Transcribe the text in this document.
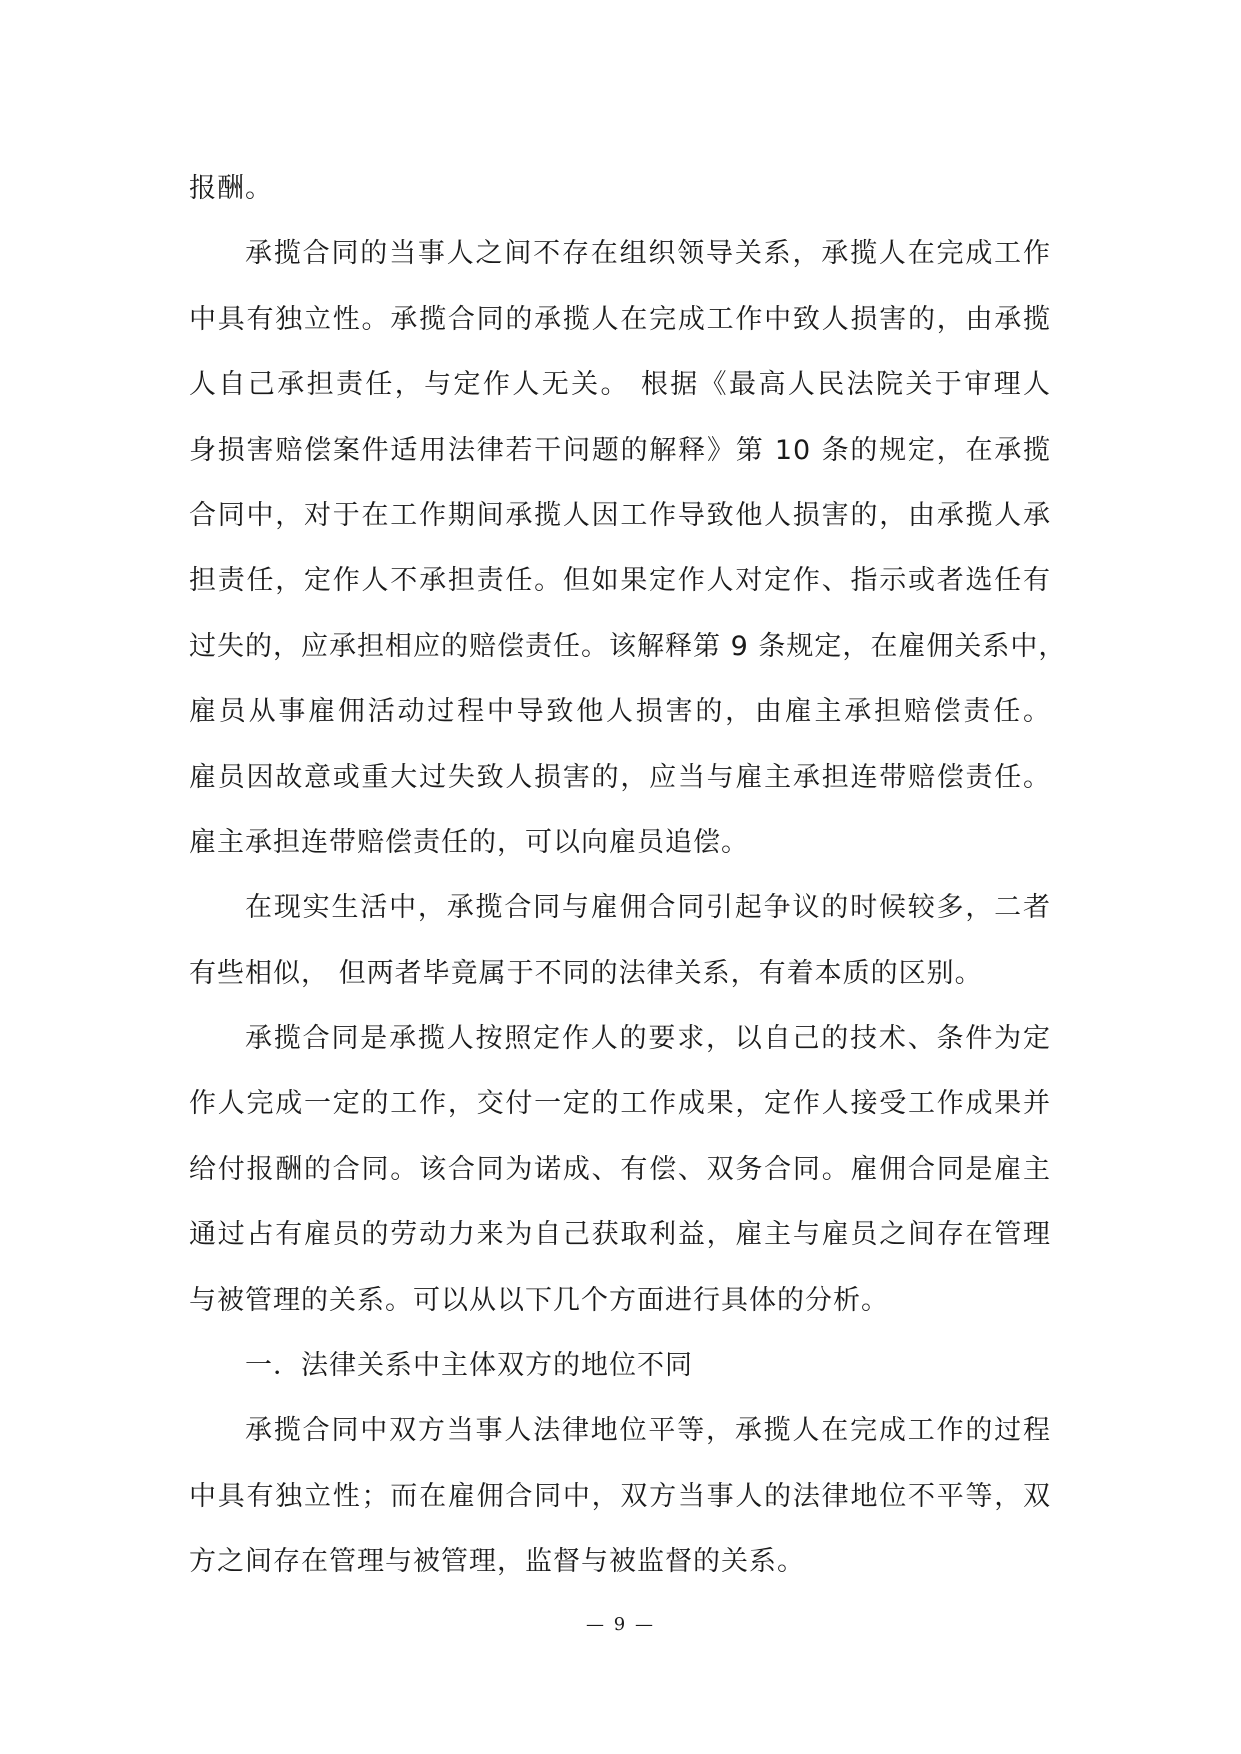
报酬。
承揽合同的当事人之间不存在组织领导关系，承揽人在完成工作
中具有独立性。承揽合同的承揽人在完成工作中致人损害的，由承揽
人自己承担责任，与定作人无关。 根据《最高人民法院关于审理人
身损害赔偿案件适用法律若干问题的解释》第 10 条的规定，在承揽
合同中，对于在工作期间承揽人因工作导致他人损害的，由承揽人承
担责任，定作人不承担责任。但如果定作人对定作、指示或者选任有
过失的，应承担相应的赔偿责任。该解释第 9 条规定，在雇佣关系中，
雇员从事雇佣活动过程中导致他人损害的，由雇主承担赔偿责任。
雇员因故意或重大过失致人损害的，应当与雇主承担连带赔偿责任。
雇主承担连带赔偿责任的，可以向雇员追偿。
在现实生活中，承揽合同与雇佣合同引起争议的时候较多，二者
有些相似， 但两者毕竟属于不同的法律关系，有着本质的区别。
承揽合同是承揽人按照定作人的要求，以自己的技术、条件为定
作人完成一定的工作，交付一定的工作成果，定作人接受工作成果并
给付报酬的合同。该合同为诺成、有偿、双务合同。雇佣合同是雇主
通过占有雇员的劳动力来为自己获取利益，雇主与雇员之间存在管理
与被管理的关系。可以从以下几个方面进行具体的分析。
一．法律关系中主体双方的地位不同
承揽合同中双方当事人法律地位平等，承揽人在完成工作的过程
中具有独立性；而在雇佣合同中，双方当事人的法律地位不平等，双
方之间存在管理与被管理，监督与被监督的关系。
— 9 —
